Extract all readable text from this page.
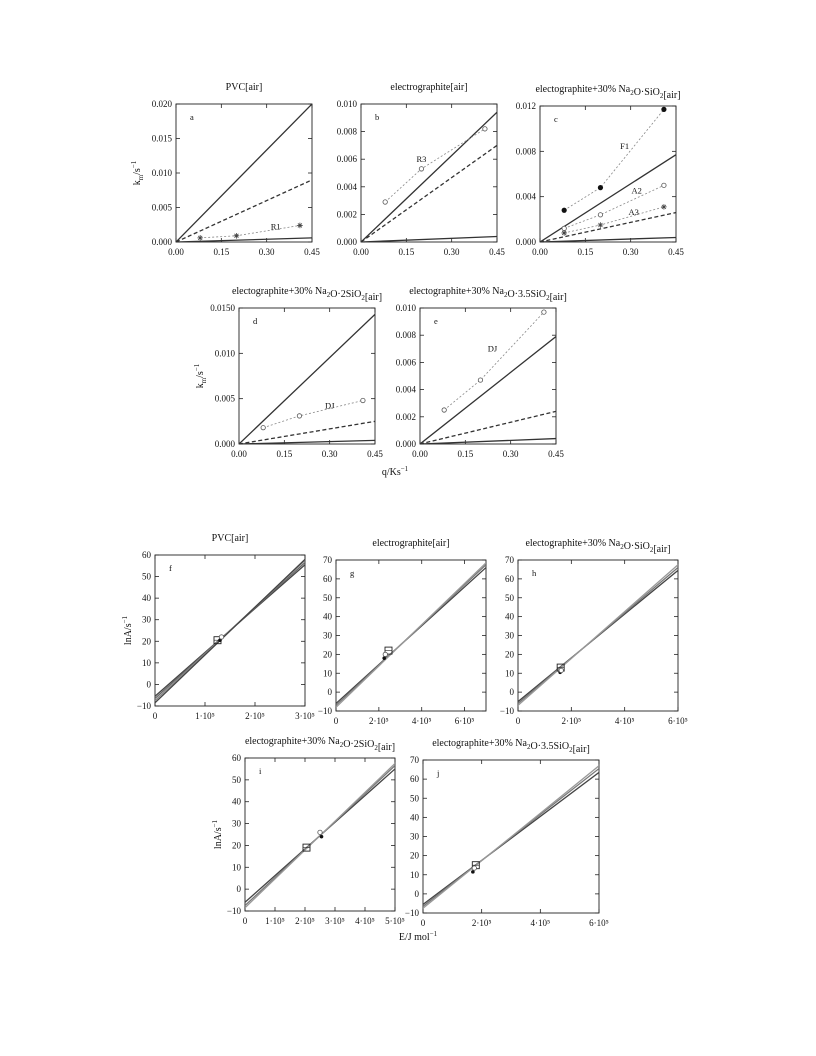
$q/Ks^{-1}$
E/J mol$^{-1}$
PVC[air]
a
0.00	0.15	0.30	0.45
0.000
0.005
0.010
0.015
0.020
$k_m/s^{-1}$
R1
electrographite[air]
b
0.00	0.15	0.30	0.45
0.000
0.002
0.004
0.006
0.008
0.010
R3
electographite+30% $Na_2O\cdot SiO_2[air]$
c
0.00	0.15	0.30	0.45
0.000
0.004
0.008
0.012
F1
A2
A3
electographite+30% $Na_2O\cdot 2SiO_2[air]$
d
0.00	0.15	0.30	0.45
0.000
0.005
0.010
0.0150
$k_m/s^{-1}$
DJ
electographite+30% $Na_2O\cdot 3.5SiO_2[air]$
e
0.00	0.15	0.30	0.45
0.000
0.002
0.004
0.006
0.008
0.010
DJ
PVC[air]
f
0	1·10⁵	2·10⁵	3·10⁵
−10
0
10
20
30
40
50
60
lnA/$s^{-1}$
electrographite[air]
g
0	2·10⁵	4·10⁵	6·10⁵
−10
0
10
20
30
40
50
60
70
electographite+30% $Na_2O\cdot SiO_2[air]$
h
0	2·10⁵	4·10⁵	6·10⁵
−10
0
10
20
30
40
50
60
70
electographite+30% $Na_2O\cdot 2SiO_2[air]$
i
0 1·10⁵ 2·10⁵ 3·10⁵ 4·10⁵ 5·10⁵
−10
0
10
20
30
40
50
60
lnA/$s^{-1}$
electographite+30% $Na_2O\cdot 3.5SiO_2[air]$
j
0	2·10⁵	4·10⁵	6·10⁵
−10
0
10
20
30
40
50
60
70
